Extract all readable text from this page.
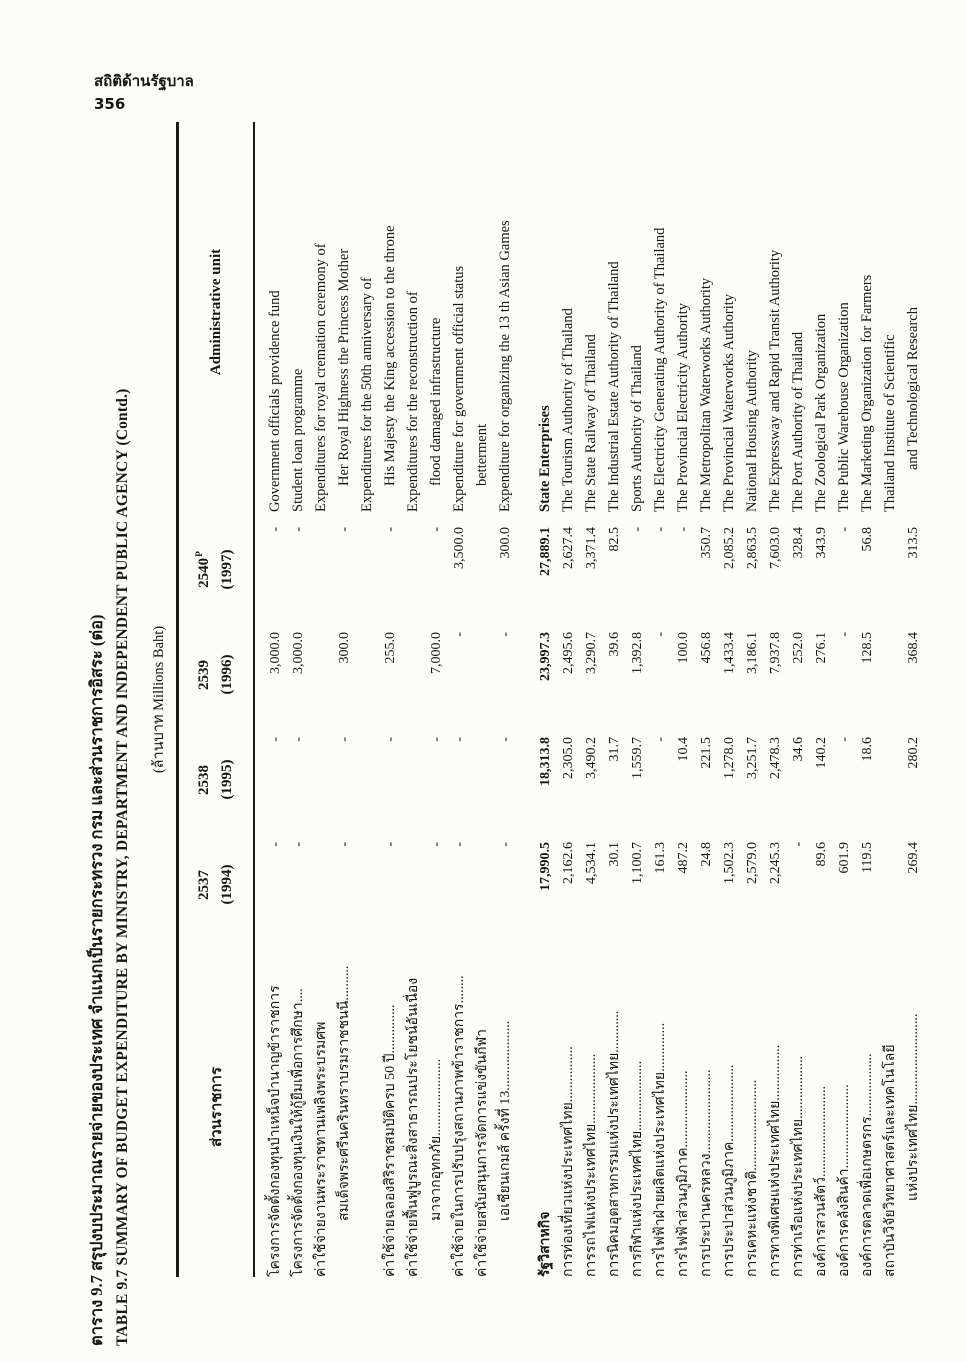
สถิติด้านรัฐบาล
356
ตาราง 9.7 สรุปงบประมาณรายจ่ายของประเทศ จำแนกเป็นรายกระทรวง กรม และส่วนราชการอิสระ (ต่อ) TABLE 9.7 SUMMARY OF BUDGET EXPENDITURE BY MINISTRY, DEPARTMENT AND INDEPENDENT PUBLIC AGENCY (Contd.) (ล้านบาท Millions Baht)
ส่วนราชการ
2537 (1994)
2538 (1995)
2539 (1996)
$2540^P$ (1997)
Administrative unit
โครงการจัดตั้งกองทุนบำเหน็จบำนาญข้าราชการ
-
-
3,000.0
-
Government officials providence fund
โครงการจัดตั้งกองทุนเงินให้กู้ยืมเพื่อการศึกษา....
-
-
3,000.0
-
Student loan programme
ค่าใช้จ่ายงานพระราชทานเพลิงพระบรมศพ
Expenditures for royal cremation ceremony of
สมเด็จพระศรีนครินทราบรมราชชนนี..........
-
-
300.0
-
Her Royal Highness the Princess Mother Expenditures for the 50th anniversary of
ค่าใช้จ่ายฉลองสิริราชสมบัติครบ 50 ปี..............
-
-
255.0
-
His Majesty the King accession to the throne
ค่าใช้จ่ายฟื้นฟูบูรณะสิ่งสาธารณประโยชน์อันเนื่อง
Expenditures for the reconstruction of
มาจากอุทกภัย......................
-
-
7,000.0
-
flood damaged infrastructure
ค่าใช้จ่ายในการปรับปรุงสถานภาพข้าราชการ........
-
-
-
3,500.0
Expenditure for government official status
ค่าใช้จ่ายสนับสนุนการจัดการแข่งขันกีฬา
betterment
เอเชียนเกมส์ ครั้งที่ 13....................
-
-
-
300.0
Expenditure for organizing the 13 th Asian Games
รัฐวิสาหกิจ
17,990.5
18,313.8
23,997.3
27,889.1
State Enterprises
การท่องเที่ยวแห่งประเทศไทย................
2,162.6
2,305.0
2,495.6
2,627.4
The Tourism Authority of Thailand
การรถไฟแห่งประเทศไทย....................
4,534.1
3,490.2
3,290.7
3,371.4
The State Railway of Thailand
การนิคมอุตสาหกรรมแห่งประเทศไทย............
30.1
31.7
39.6
82.5
The Industrial Estate Authority of Thailand
การกีฬาแห่งประเทศไทย....................
1,100.7
1,559.7
1,392.8
-
Sports Authority of Thailand
การไฟฟ้าฝ่ายผลิตแห่งประเทศไทย..............
161.3
-
-
-
The Electricity Generating Authority of Thailand
การไฟฟ้าส่วนภูมิภาค......................
487.2
10.4
100.0
-
The Provincial Electricity Authority
การประปานครหลวง........................
24.8
221.5
456.8
350.7
The Metropolitan Waterworks Authority
การประปาส่วนภูมิภาค......................
1,502.3
1,278.0
1,433.4
2,085.2
The Provincial Waterworks Authority
การเคหะแห่งชาติ..........................
2,579.0
3,251.7
3,186.1
2,863.5
National Housing Authority
การทางพิเศษแห่งประเทศไทย................
2,245.3
2,478.3
7,937.8
7,603.0
The Expressway and Rapid Transit Authority
การท่าเรือแห่งประเทศไทย..................
-
34.6
252.0
328.4
The Port Authority of Thailand
องค์การสวนสัตว์..........................
89.6
140.2
276.1
343.9
The Zoological Park Organization
องค์การคลังสินค้า........................
601.9
-
-
-
The Public Warehouse Organization
องค์การตลาดเพื่อเกษตรกร..................
119.5
18.6
128.5
56.8
The Marketing Organization for Farmers
สถาบันวิจัยวิทยาศาสตร์และเทคโนโลยี
Thailand Institute of Scientific
แห่งประเทศไทย..........................
269.4
280.2
368.4
313.5
and Technological Research
